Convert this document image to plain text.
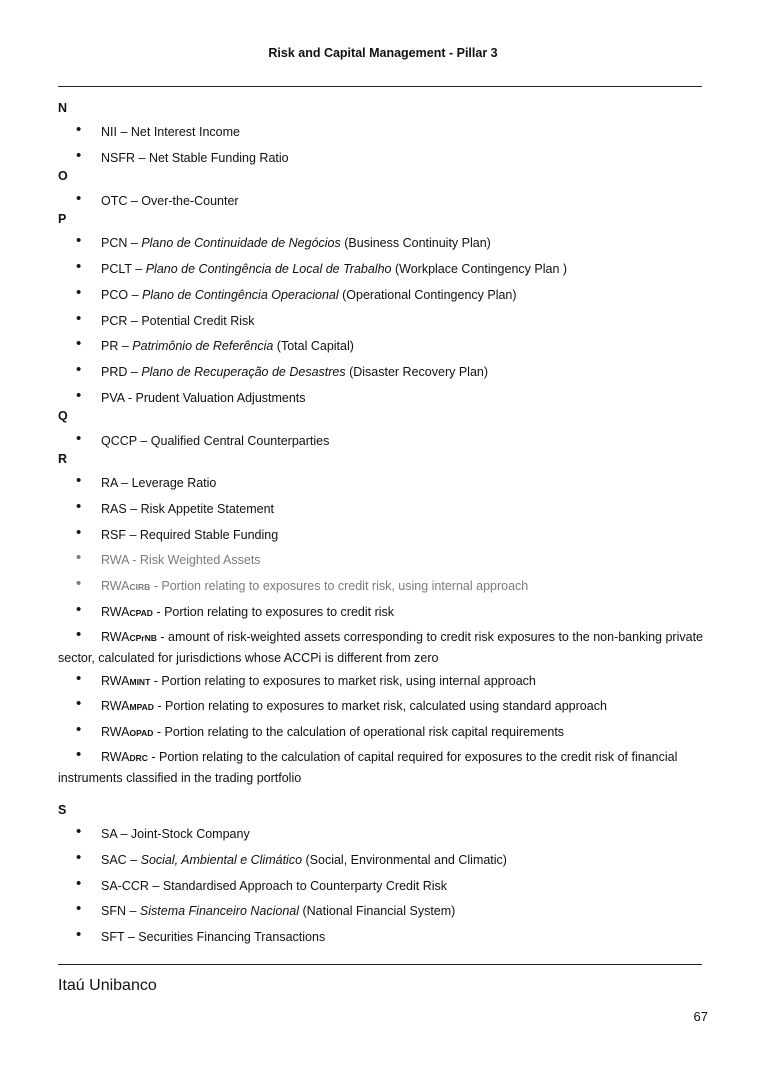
Risk and Capital Management - Pillar 3
N
•	NII – Net Interest Income
•	NSFR – Net Stable Funding Ratio
O
•	OTC – Over-the-Counter
P
•	PCN – Plano de Continuidade de Negócios (Business Continuity Plan)
•	PCLT – Plano de Contingência de Local de Trabalho (Workplace Contingency Plan )
•	PCO – Plano de Contingência Operacional (Operational Contingency Plan)
•	PCR – Potential Credit Risk
•	PR – Patrimônio de Referência (Total Capital)
•	PRD – Plano de Recuperação de Desastres (Disaster Recovery Plan)
•	PVA - Prudent Valuation Adjustments
Q
•	QCCP – Qualified Central Counterparties
R
•	RA – Leverage Ratio
•	RAS – Risk Appetite Statement
•	RSF – Required Stable Funding
•	RWA - Risk Weighted Assets
•	RWACIRB - Portion relating to exposures to credit risk, using internal approach
•	RWACPAD - Portion relating to exposures to credit risk
•	RWACPrNB - amount of risk-weighted assets corresponding to credit risk exposures to the non-banking private sector, calculated for jurisdictions whose ACCPi is different from zero
•	RWAMINT - Portion relating to exposures to market risk, using internal approach
•	RWAMPAD - Portion relating to exposures to market risk, calculated using standard approach
•	RWAOPAD - Portion relating to the calculation of operational risk capital requirements
•	RWADRC - Portion relating to the calculation of capital required for exposures to the credit risk of financial instruments classified in the trading portfolio
S
•	SA – Joint-Stock Company
•	SAC – Social, Ambiental e Climático (Social, Environmental and Climatic)
•	SA-CCR – Standardised Approach to Counterparty Credit Risk
•	SFN – Sistema Financeiro Nacional (National Financial System)
•	SFT – Securities Financing Transactions
Itaú Unibanco
67
